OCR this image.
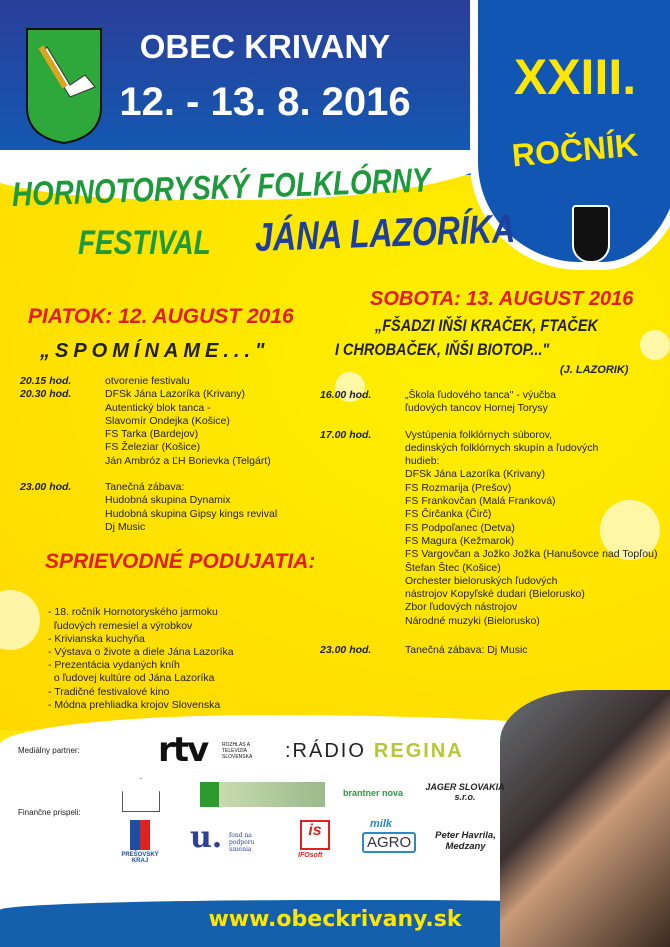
OBEC KRIVANY
12. - 13. 8. 2016	XXIII.
ROČNÍK
HORNOTORYSKÝ FOLKLÓRNY
FESTIVAL JÁNA LAZORÍKA
PIATOK: 12. AUGUST 2016
„SPOMÍNAME..."
20.15 hod.	otvorenie festivalu
20.30 hod.	DFSk Jána Lazoríka (Krivany)
Autentický blok tanca -
Slavomír Ondejka (Košice)
FS Tarka (Bardejov)
FS Železiar (Košice)
Ján Ambróz a ĽH Borievka (Telgárt)
23.00 hod.	Tanečná zábava:
Hudobná skupina Dynamix
Hudobná skupina Gipsy kings revival
Dj Music
SPRIEVODNÉ PODUJATIA:

- 18. ročník Hornotoryského jarmoku
ľudových remesiel a výrobkov
- Krivianska kuchyňa
- Výstava o živote a diele Jána Lazoríka
- Prezentácia vydaných kníh
o ľudovej kultúre od Jána Lazoríka
- Tradičné festivalové kino
- Módna prehliadka krojov Slovenska

SOBOTA: 13. AUGUST 2016
„FŠADZI IŇŠI KRAČEK, FTAČEK
I CHROBAČEK, IŇŠI BIOTOP..."
(J. LAZORIK)
16.00 hod.	„Škola ľudového tanca" - výučba
ľudových tancov Hornej Torysy
17.00 hod.	Vystúpenia folklórnych súborov,
dedinských folklórnych skupín a ľudových
hudieb:
DFSk Jána Lazoríka (Krivany)
FS Rozmarija (Prešov)
FS Frankovčan (Malá Franková)
FS Čirčanka (Čirč)
FS Podpoľanec (Detva)
FS Magura (Kežmarok)
FS Vargovčan a Jožko Jožka (Hanušovce nad Topľou)
Štefan Štec (Košice)
Orchester bieloruských ľudových
nástrojov Kopyľské dudari (Bielorusko)
Zbor ľudových nástrojov
Národné muzyki (Bielorusko)
23.00 hod.	Tanečná zábava: Dj Music
Mediálny partner: rtv	ROZHLAS A TELEVÍZIA SLOVENSKA	:RÁDIO REGINA
Finančne prispeli:
brantner nova
JAGER SLOVAKIA s.r.o.
PREŠOVSKÝ KRAJ
u. fond na podporu umenia
is
IFOsoft
milk
AGRO	Peter Havrila, Medzany
www.obeckrivany.sk
